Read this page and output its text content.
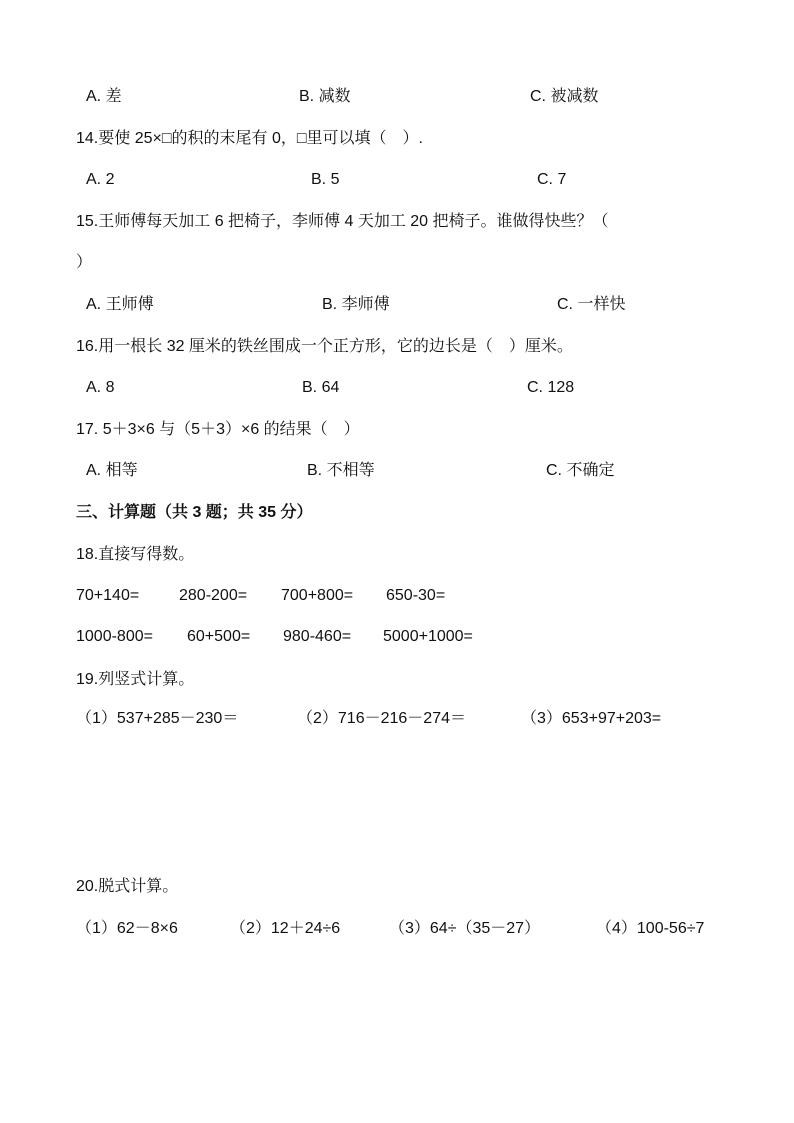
A. 差	B. 减数	C. 被减数
14.要使 25×□的积的末尾有 0，□里可以填（　）.
A. 2	B. 5	C. 7
15.王师傅每天加工 6 把椅子，李师傅 4 天加工 20 把椅子。谁做得快些？（
）
A. 王师傅	B. 李师傅	C. 一样快
16.用一根长 32 厘米的铁丝围成一个正方形，它的边长是（　）厘米。
A. 8	B. 64	C. 128
17. 5＋3×6 与（5＋3）×6 的结果（　）
A. 相等	B. 不相等	C. 不确定
三、计算题（共 3 题；共 35 分）
18.直接写得数。
70+140= 280-200= 700+800= 650-30=
1000-800= 60+500= 980-460= 5000+1000=
19.列竖式计算。
（1）537+285－230＝	（2）716－216－274＝	（3）653+97+203=
20.脱式计算。
（1）62－8×6	（2）12＋24÷6	（3）64÷（35－27）	（4）100-56÷7
